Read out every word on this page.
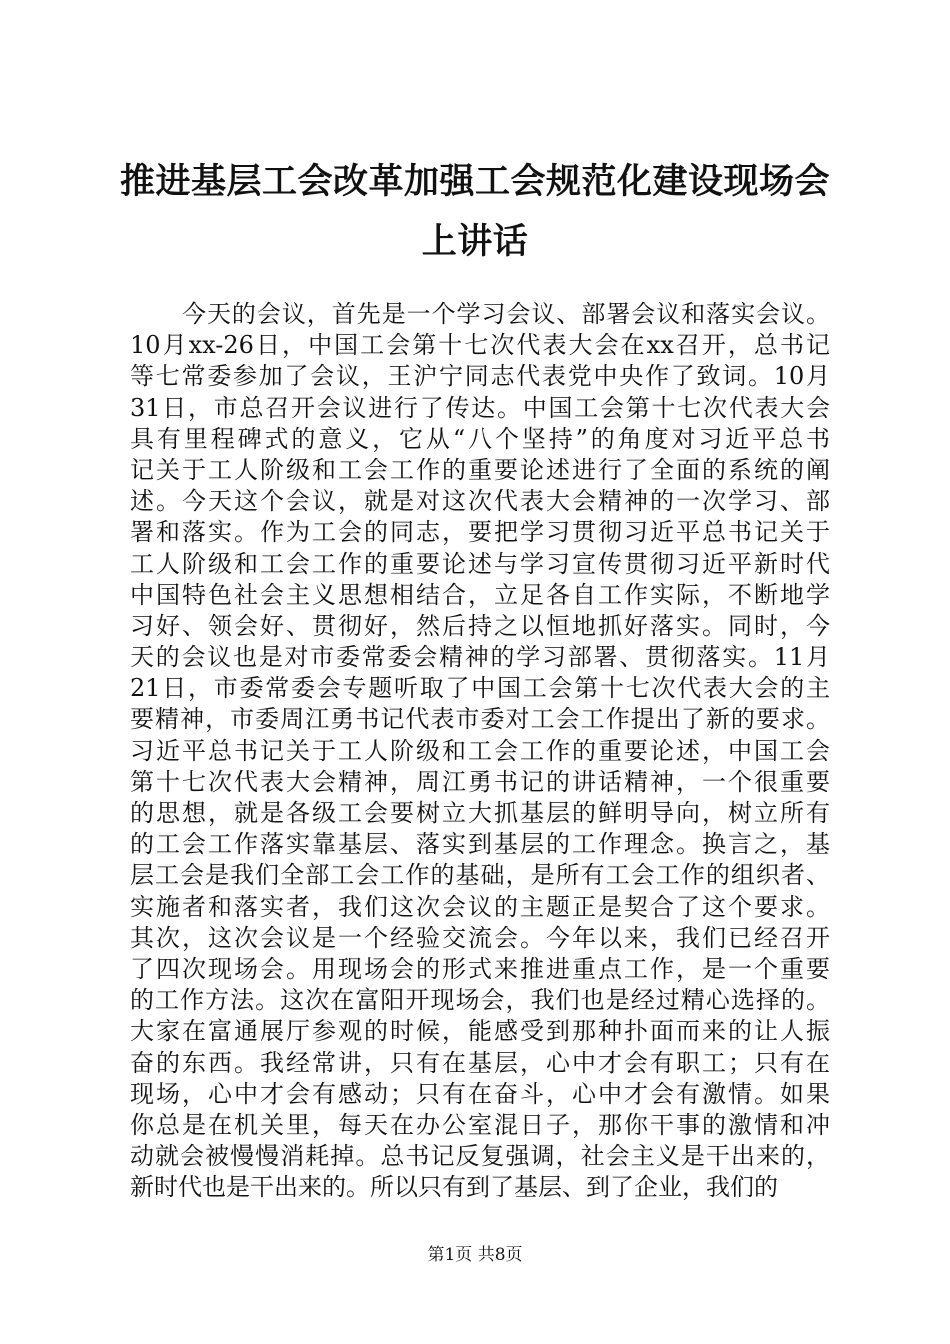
推进基层工会改革加强工会规范化建设现场会
上讲话
今天的会议，首先是一个学习会议、部署会议和落实会议。
10月xx-26日，中国工会第十七次代表大会在xx召开，总书记
等七常委参加了会议，王沪宁同志代表党中央作了致词。10月
31日，市总召开会议进行了传达。中国工会第十七次代表大会
具有里程碑式的意义，它从“八个坚持”的角度对习近平总书
记关于工人阶级和工会工作的重要论述进行了全面的系统的阐
述。今天这个会议，就是对这次代表大会精神的一次学习、部
署和落实。作为工会的同志，要把学习贯彻习近平总书记关于
工人阶级和工会工作的重要论述与学习宣传贯彻习近平新时代
中国特色社会主义思想相结合，立足各自工作实际，不断地学
习好、领会好、贯彻好，然后持之以恒地抓好落实。同时，今
天的会议也是对市委常委会精神的学习部署、贯彻落实。11月
21日，市委常委会专题听取了中国工会第十七次代表大会的主
要精神，市委周江勇书记代表市委对工会工作提出了新的要求。
习近平总书记关于工人阶级和工会工作的重要论述，中国工会
第十七次代表大会精神，周江勇书记的讲话精神，一个很重要
的思想，就是各级工会要树立大抓基层的鲜明导向，树立所有
的工会工作落实靠基层、落实到基层的工作理念。换言之，基
层工会是我们全部工会工作的基础，是所有工会工作的组织者、
实施者和落实者，我们这次会议的主题正是契合了这个要求。
其次，这次会议是一个经验交流会。今年以来，我们已经召开
了四次现场会。用现场会的形式来推进重点工作，是一个重要
的工作方法。这次在富阳开现场会，我们也是经过精心选择的。
大家在富通展厅参观的时候，能感受到那种扑面而来的让人振
奋的东西。我经常讲，只有在基层，心中才会有职工；只有在
现场，心中才会有感动；只有在奋斗，心中才会有激情。如果
你总是在机关里，每天在办公室混日子，那你干事的激情和冲
动就会被慢慢消耗掉。总书记反复强调，社会主义是干出来的，
新时代也是干出来的。所以只有到了基层、到了企业，我们的
第1页 共8页
